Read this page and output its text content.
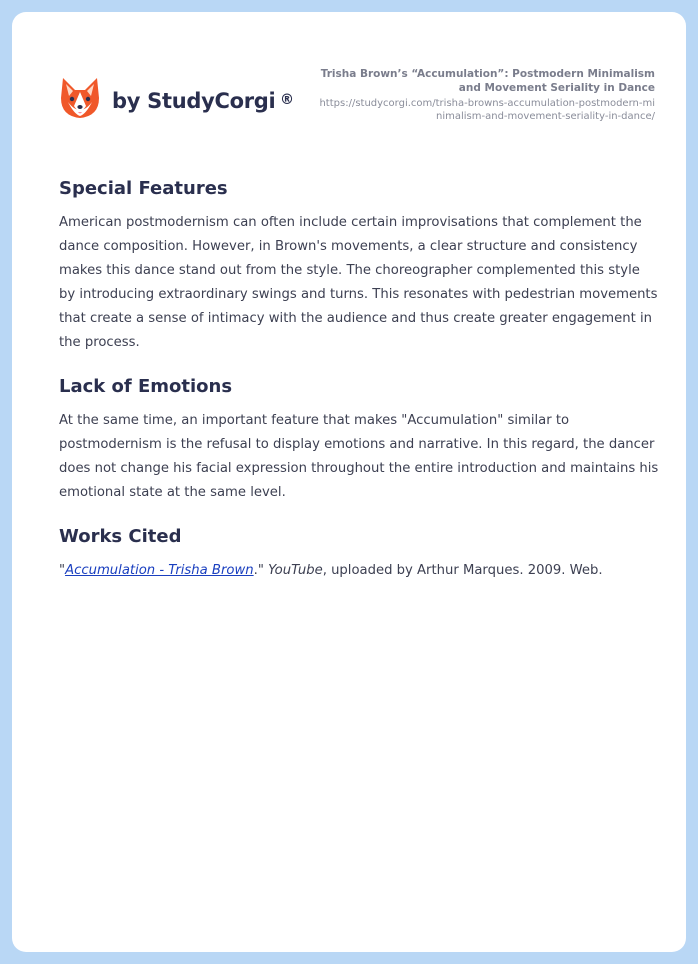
by StudyCorgi ®
Trisha Brown’s “Accumulation”: Postmodern Minimalism and Movement Seriality in Dance
https://studycorgi.com/trisha-browns-accumulation-postmodern-minimalism-and-movement-seriality-in-dance/
Special Features

American postmodernism can often include certain improvisations that complement the dance composition. However, in Brown's movements, a clear structure and consistency makes this dance stand out from the style. The choreographer complemented this style by introducing extraordinary swings and turns. This resonates with pedestrian movements that create a sense of intimacy with the audience and thus create greater engagement in the process.

Lack of Emotions

At the same time, an important feature that makes "Accumulation" similar to postmodernism is the refusal to display emotions and narrative. In this regard, the dancer does not change his facial expression throughout the entire introduction and maintains his emotional state at the same level.

Works Cited

"Accumulation - Trisha Brown." YouTube, uploaded by Arthur Marques. 2009. Web.
